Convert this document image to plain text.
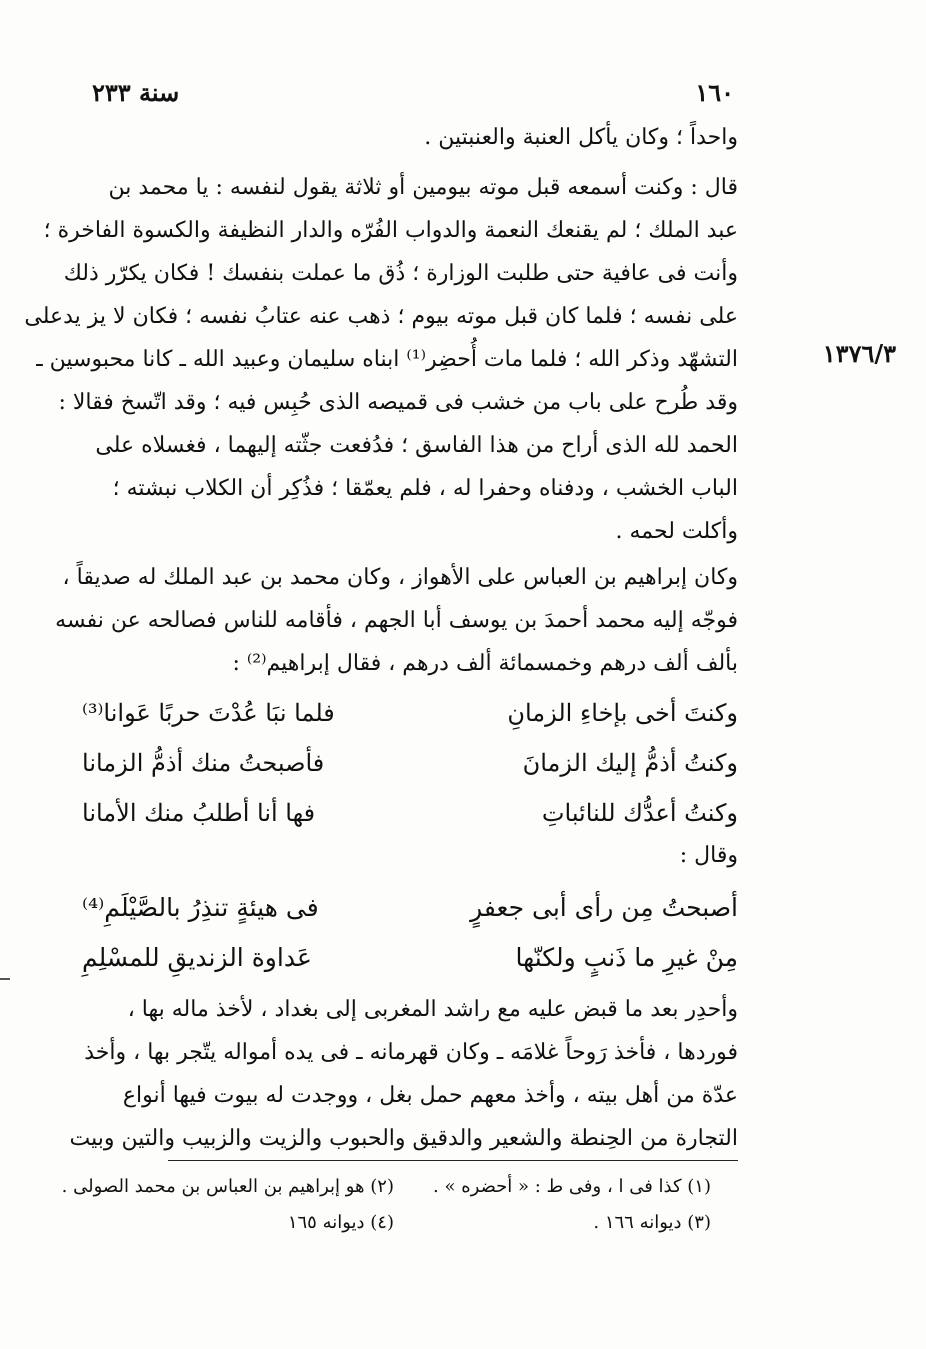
١٦٠
سنة ٢٣٣
١٣٧٦/٣
واحداً ؛ وكان يأكل العنبة والعنبتين .
قال : وكنت أسمعه قبل موته بيومين أو ثلاثة يقول لنفسه : يا محمد بن
عبد الملك ؛ لم يقنعك النعمة والدواب الفُرّه والدار النظيفة والكسوة الفاخرة ؛
وأنت فى عافية حتى طلبت الوزارة ؛ ذُق ما عملت بنفسك ! فكان يكرّر ذلك
على نفسه ؛ فلما كان قبل موته بيوم ؛ ذهب عنه عتابُ نفسه ؛ فكان لا يز يدعلى
التشهّد وذكر الله ؛ فلما مات أُحضِر⁽¹⁾ ابناه سليمان وعبيد الله ـ كانا محبوسين ـ
وقد طُرح على باب من خشب فى قميصه الذى حُبِس فيه ؛ وقد اتّسخ فقالا :
الحمد لله الذى أراح من هذا الفاسق ؛ فدُفعت جثّته إليهما ، فغسلاه على
الباب الخشب ، ودفناه وحفرا له ، فلم يعمّقا ؛ فذُكِر أن الكلاب نبشته ؛
وأكلت لحمه .
وكان إبراهيم بن العباس على الأهواز ، وكان محمد بن عبد الملك له صديقاً ،
فوجّه إليه محمد أحمدَ بن يوسف أبا الجهم ، فأقامه للناس فصالحه عن نفسه
بألف ألف درهم وخمسمائة ألف درهم ، فقال إبراهيم⁽²⁾ :
وكنتَ أخى بإخاءِ الزمانِ
فلما نبَا عُدْتَ حربًا عَوانا⁽³⁾
وكنتُ أذمُّ إليك الزمانَ
فأصبحتُ منك أذمُّ الزمانا
وكنتُ أعدُّك للنائباتِ
فها أنا أطلبُ منك الأمانا
وقال :
أصبحتُ مِن رأى أبى جعفرٍ
فى هيئةٍ تنذِرُ بالصَّيْلَمِ⁽⁴⁾
مِنْ غيرِ ما ذَنبٍ ولكنّها
عَداوة الزنديقِ للمسْلِمِ
وأحدِر بعد ما قبض عليه مع راشد المغربى إلى بغداد ، لأخذ ماله بها ،
فوردها ، فأخذ رَوحاً غلامَه ـ وكان قهرمانه ـ فى يده أمواله يتّجر بها ، وأخذ
عدّة من أهل بيته ، وأخذ معهم حمل بغل ، ووجدت له بيوت فيها أنواع
التجارة من الحِنطة والشعير والدقيق والحبوب والزيت والزبيب والتين وبيت
(١) كذا فى ا ، وفى ط : « أحضره » .
(٢) هو إبراهيم بن العباس بن محمد الصولى .
(٣) ديوانه ١٦٦ .
(٤) ديوانه ١٦٥
